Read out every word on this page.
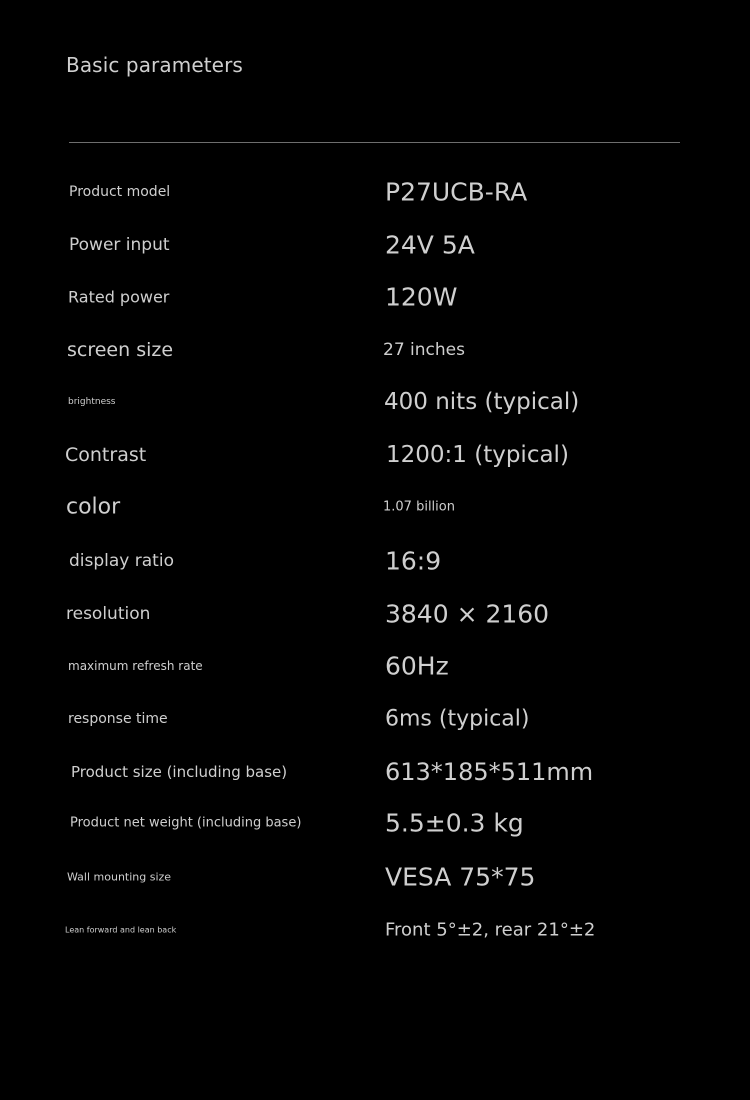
Basic parameters
Product model	P27UCB-RA
Power input	24V 5A
Rated power	120W
screen size	27 inches
brightness	400 nits (typical)
Contrast	1200:1 (typical)
color	1.07 billion
display ratio	16:9
resolution	3840 × 2160
maximum refresh rate	60Hz
response time	6ms (typical)
Product size (including base)	613*185*511mm
Product net weight (including base)	5.5±0.3 kg
Wall mounting size	VESA 75*75
Lean forward and lean back	Front 5°±2, rear 21°±2
